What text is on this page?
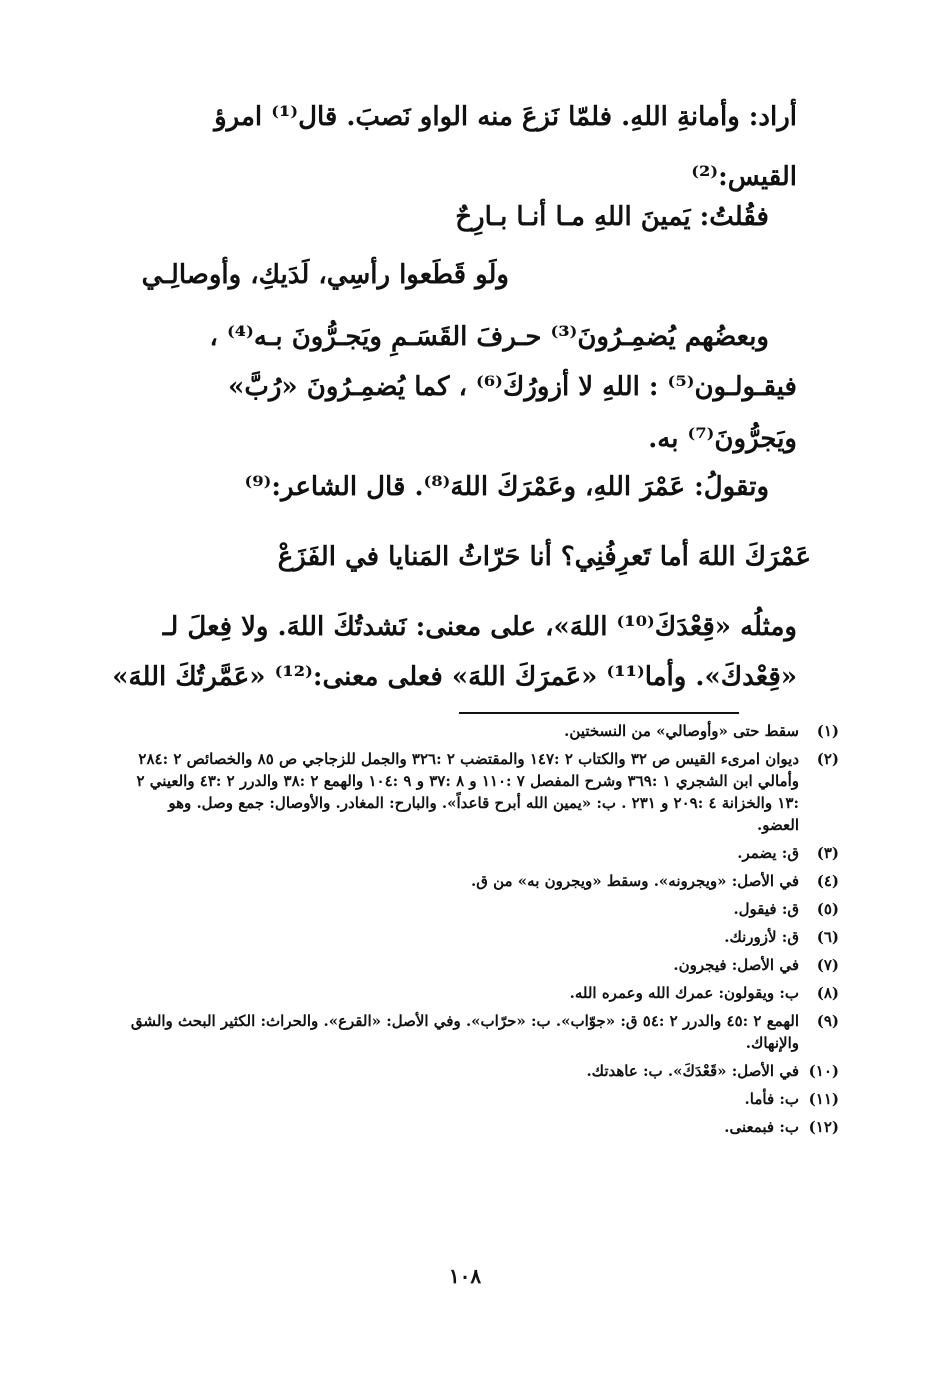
أراد: وأمانةِ اللهِ. فلمّا نَزعَ منه الواو نَصبَ. قال⁽¹⁾ امرؤ
القيس:⁽²⁾
فقُلتُ: يَمينَ اللهِ مـا أنـا بـارِحٌ
ولَو قَطَعوا رأسِي، لَدَيكِ، وأوصالِـي
وبعضُهم يُضمِـرُونَ⁽³⁾ حـرفَ القَسَـمِ ويَجـرُّونَ بـه⁽⁴⁾ ،
فيقـولـون⁽⁵⁾ : اللهِ لا أزورُكَ⁽⁶⁾ ، كما يُضمِـرُونَ «رُبَّ»
ويَجرُّونَ⁽⁷⁾ به.
وتقولُ: عَمْرَ اللهِ، وعَمْرَكَ اللهَ⁽⁸⁾. قال الشاعر:⁽⁹⁾
عَمْرَكَ اللهَ أما تَعرِفُنِي؟ أنا حَرّاثُ المَنايا في الفَزَعْ
ومثلُه «قِعْدَكَ⁽¹⁰⁾ اللهَ»، على معنى: نَشدتُكَ اللهَ. ولا فِعلَ لـ
«قِعْدكَ». وأما⁽¹¹⁾ «عَمرَكَ اللهَ» فعلى معنى:⁽¹²⁾ «عَمَّرتُكَ اللهَ»
(١)
سقط حتى «وأوصالي» من النسختين.
(٢)
ديوان امرىء القيس ص ٣٢ والكتاب ٢ :١٤٧ والمقتضب ٢ :٣٢٦ والجمل للزجاجي ص ٨٥ والخصائص ٢ :٢٨٤ وأمالي ابن الشجري ١ :٣٦٩ وشرح المفصل ٧ :١١٠ و ٨ :٣٧ و ٩ :١٠٤ والهمع ٢ :٣٨ والدرر ٢ :٤٣ والعيني ٢ :١٣ والخزانة ٤ :٢٠٩ و ٢٣١ . ب: «يمين الله أبرح قاعداً». والبارح: المغادر. والأوصال: جمع وصل. وهو العضو.
(٣)
ق: يضمر.
(٤)
في الأصل: «ويجرونه». وسقط «ويجرون به» من ق.
(٥)
ق: فيقول.
(٦)
ق: لأزورنك.
(٧)
في الأصل: فيجرون.
(٨)
ب: ويقولون: عمرك الله وعمره الله.
(٩)
الهمع ٢ :٤٥ والدرر ٢ :٥٤ ق: «جوّاب». ب: «حرّاب». وفي الأصل: «القرع». والحراث: الكثير البحث والشق والإنهاك.
(١٠)
في الأصل: «قَعْدَكَ». ب: عاهدتك.
(١١)
ب: فأما.
(١٢)
ب: فبمعنى.
١٠٨
